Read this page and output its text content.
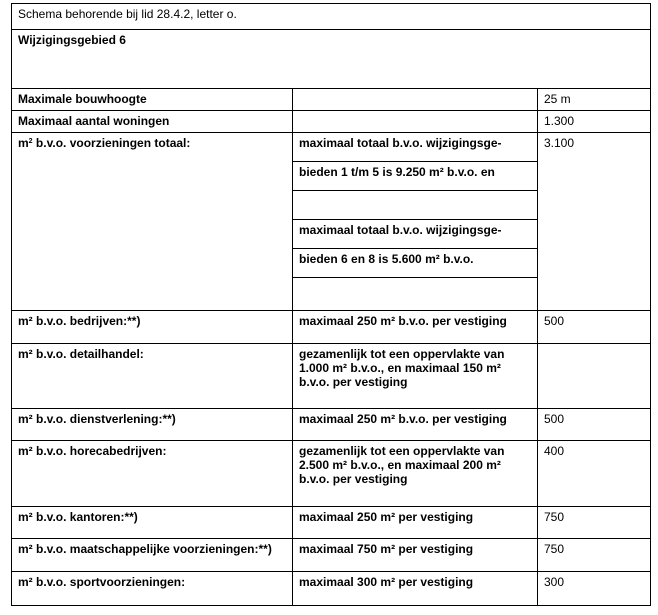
Schema behorende bij lid 28.4.2, letter o.		
Wijzigingsgebied 6		
Maximale bouwhoogte		25 m
Maximaal aantal woningen		1.300
$m^2$ b.v.o. voorzieningen totaal:	maximaal totaal b.v.o. wijzigingsge-
bieden 1 t/m 5 is 9.250 m² b.v.o. en
maximaal totaal b.v.o. wijzigingsge-
bieden 6 en 8 is 5.600 m² b.v.o.	3.100
m² b.v.o. bedrijven:**)	maximaal 250 m² b.v.o. per vestiging	500
m² b.v.o. detailhandel:	gezamenlijk tot een oppervlakte van 1.000 m² b.v.o., en maximaal 150 m² b.v.o. per vestiging	
m² b.v.o. dienstverlening:**)	maximaal 250 m² b.v.o. per vestiging	500
m² b.v.o. horecabedrijven:	gezamenlijk tot een oppervlakte van 2.500 m² b.v.o., en maximaal 200 m² b.v.o. per vestiging	400
m² b.v.o. kantoren:**)	maximaal 250 m² per vestiging	750
m² b.v.o. maatschappelijke voorzieningen:**)	maximaal 750 m² per vestiging	750
m² b.v.o. sportvoorzieningen:	maximaal 300 m² per vestiging	300
